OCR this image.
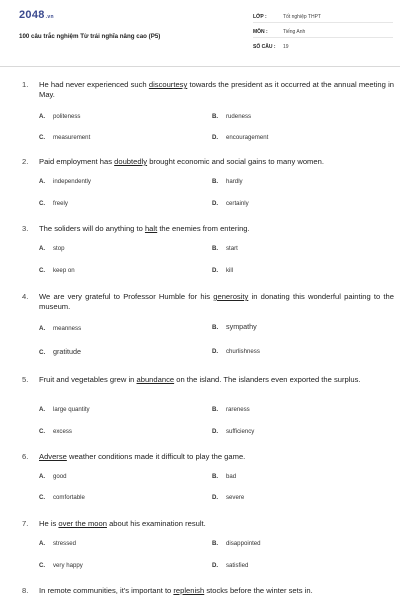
2048.vn
100 câu trắc nghiệm Từ trái nghĩa nâng cao (P5)
LỚP :	Tốt nghiệp THPT
MÔN :	Tiếng Anh
SỐ CÂU :	19
1. He had never experienced such discourtesy towards the president as it occurred at the annual meeting in May.
A. politeness	B. rudeness
C. measurement	D. encouragement
2. Paid employment has doubtedly brought economic and social gains to many women.
A. independently	B. hardly
C. freely	D. certainly
3. The soliders will do anything to halt the enemies from entering.
A. stop	B. start
C. keep on	D. kill
4. We are very grateful to Professor Humble for his generosity in donating this wonderful painting to the museum.
A. meanness	B. sympathy
C. gratitude	D. churlishness
5. Fruit and vegetables grew in abundance on the island. The islanders even exported the surplus.
A. large quantity	B. rareness
C. excess	D. sufficiency
6. Adverse weather conditions made it difficult to play the game.
A. good	B. bad
C. comfortable	D. severe
7. He is over the moon about his examination result.
A. stressed	B. disappointed
C. very happy	D. satisfied
8. In remote communities, it's important to replenish stocks before the winter sets in.
